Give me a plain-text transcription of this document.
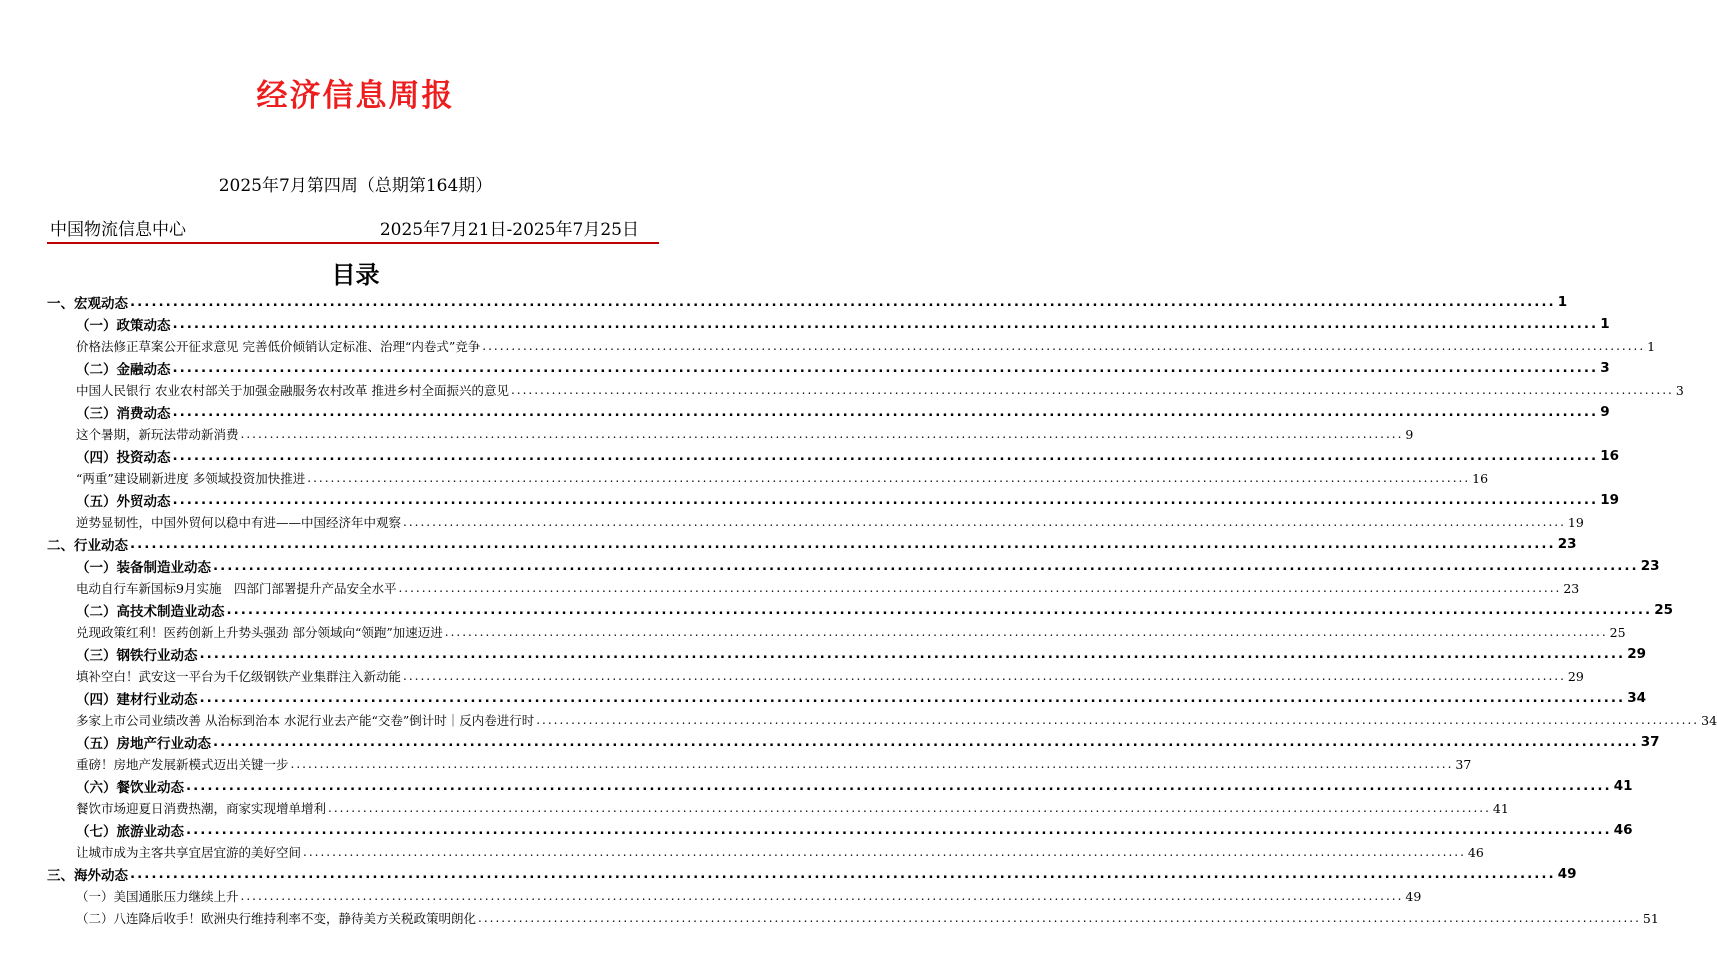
经济信息周报
2025年7月第四周（总期第164期）
中国物流信息中心	2025年7月21日-2025年7月25日
目录
一、宏观动态 ........................................................................................................................................................................................................ 1
（一）政策动态 ........................................................................................................................................................................................................ 1
价格法修正草案公开征求意见 完善低价倾销认定标准、治理“内卷式”竞争 ........................................................................................................................................................................................................ 1
（二）金融动态 ........................................................................................................................................................................................................ 3
中国人民银行 农业农村部关于加强金融服务农村改革 推进乡村全面振兴的意见 ........................................................................................................................................................................................................ 3
（三）消费动态 ........................................................................................................................................................................................................ 9
这个暑期，新玩法带动新消费 ........................................................................................................................................................................................................ 9
（四）投资动态 ........................................................................................................................................................................................................ 16
“两重”建设刷新进度 多领域投资加快推进 ........................................................................................................................................................................................................ 16
（五）外贸动态 ........................................................................................................................................................................................................ 19
逆势显韧性，中国外贸何以稳中有进——中国经济年中观察 ........................................................................................................................................................................................................ 19
二、行业动态 ........................................................................................................................................................................................................ 23
（一）装备制造业动态 ........................................................................................................................................................................................................ 23
电动自行车新国标9月实施　四部门部署提升产品安全水平 ........................................................................................................................................................................................................ 23
（二）高技术制造业动态 ........................................................................................................................................................................................................ 25
兑现政策红利！医药创新上升势头强劲 部分领域向“领跑”加速迈进 ........................................................................................................................................................................................................ 25
（三）钢铁行业动态 ........................................................................................................................................................................................................ 29
填补空白！武安这一平台为千亿级钢铁产业集群注入新动能 ........................................................................................................................................................................................................ 29
（四）建材行业动态 ........................................................................................................................................................................................................ 34
多家上市公司业绩改善 从治标到治本 水泥行业去产能“交卷”倒计时｜反内卷进行时 ........................................................................................................................................................................................................ 34
（五）房地产行业动态 ........................................................................................................................................................................................................ 37
重磅！房地产发展新模式迈出关键一步 ........................................................................................................................................................................................................ 37
（六）餐饮业动态 ........................................................................................................................................................................................................ 41
餐饮市场迎夏日消费热潮，商家实现增单增利 ........................................................................................................................................................................................................ 41
（七）旅游业动态 ........................................................................................................................................................................................................ 46
让城市成为主客共享宜居宜游的美好空间 ........................................................................................................................................................................................................ 46
三、海外动态 ........................................................................................................................................................................................................ 49
（一）美国通胀压力继续上升 ........................................................................................................................................................................................................ 49
（二）八连降后收手！欧洲央行维持利率不变，静待美方关税政策明朗化 ........................................................................................................................................................................................................ 51
